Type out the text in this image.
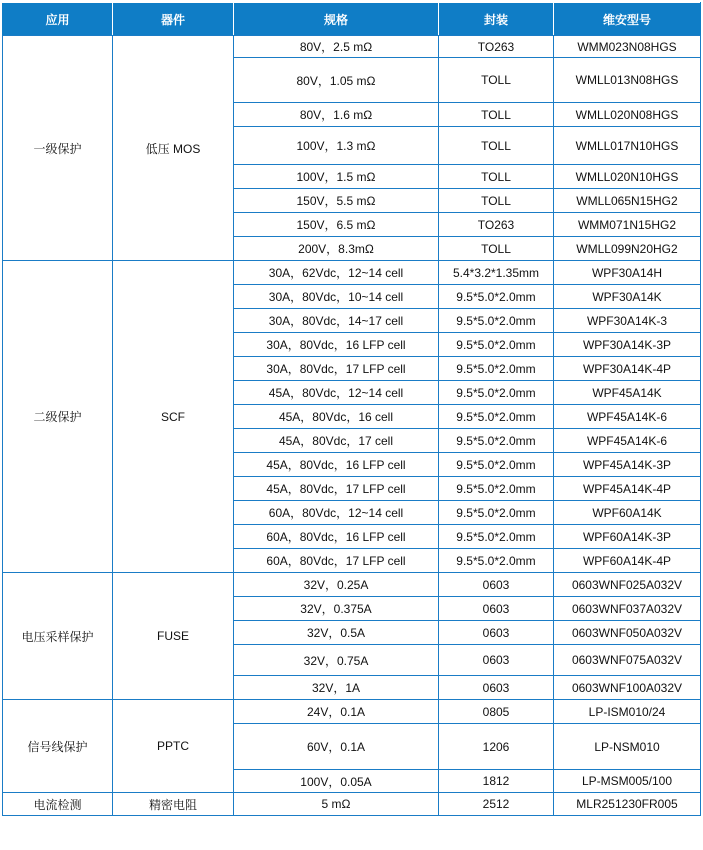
应用	器件	规格	封装	维安型号
一级保护	低压 MOS	80V，2.5 mΩ	TO263	WMM023N08HGS
		80V，1.05 mΩ	TOLL	WMLL013N08HGS
		80V，1.6 mΩ	TOLL	WMLL020N08HGS
		100V，1.3 mΩ	TOLL	WMLL017N10HGS
		100V，1.5 mΩ	TOLL	WMLL020N10HGS
		150V，5.5 mΩ	TOLL	WMLL065N15HG2
		150V，6.5 mΩ	TO263	WMM071N15HG2
		200V，8.3mΩ	TOLL	WMLL099N20HG2
二级保护	SCF	30A，62Vdc，12~14 cell	5.4*3.2*1.35mm	WPF30A14H
		30A，80Vdc，10~14 cell	9.5*5.0*2.0mm	WPF30A14K
		30A，80Vdc，14~17 cell	9.5*5.0*2.0mm	WPF30A14K-3
		30A，80Vdc，16 LFP cell	9.5*5.0*2.0mm	WPF30A14K-3P
		30A，80Vdc，17 LFP cell	9.5*5.0*2.0mm	WPF30A14K-4P
		45A，80Vdc，12~14 cell	9.5*5.0*2.0mm	WPF45A14K
		45A，80Vdc，16 cell	9.5*5.0*2.0mm	WPF45A14K-6
		45A，80Vdc，17 cell	9.5*5.0*2.0mm	WPF45A14K-6
		45A，80Vdc，16 LFP cell	9.5*5.0*2.0mm	WPF45A14K-3P
		45A，80Vdc，17 LFP cell	9.5*5.0*2.0mm	WPF45A14K-4P
		60A，80Vdc，12~14 cell	9.5*5.0*2.0mm	WPF60A14K
		60A，80Vdc，16 LFP cell	9.5*5.0*2.0mm	WPF60A14K-3P
		60A，80Vdc，17 LFP cell	9.5*5.0*2.0mm	WPF60A14K-4P
电压采样保护	FUSE	32V，0.25A	0603	0603WNF025A032V
		32V，0.375A	0603	0603WNF037A032V
		32V，0.5A	0603	0603WNF050A032V
		32V，0.75A	0603	0603WNF075A032V
		32V，1A	0603	0603WNF100A032V
信号线保护	PPTC	24V，0.1A	0805	LP-ISM010/24
		60V，0.1A	1206	LP-NSM010
		100V，0.05A	1812	LP-MSM005/100
电流检测	精密电阻	5 mΩ	2512	MLR251230FR005
